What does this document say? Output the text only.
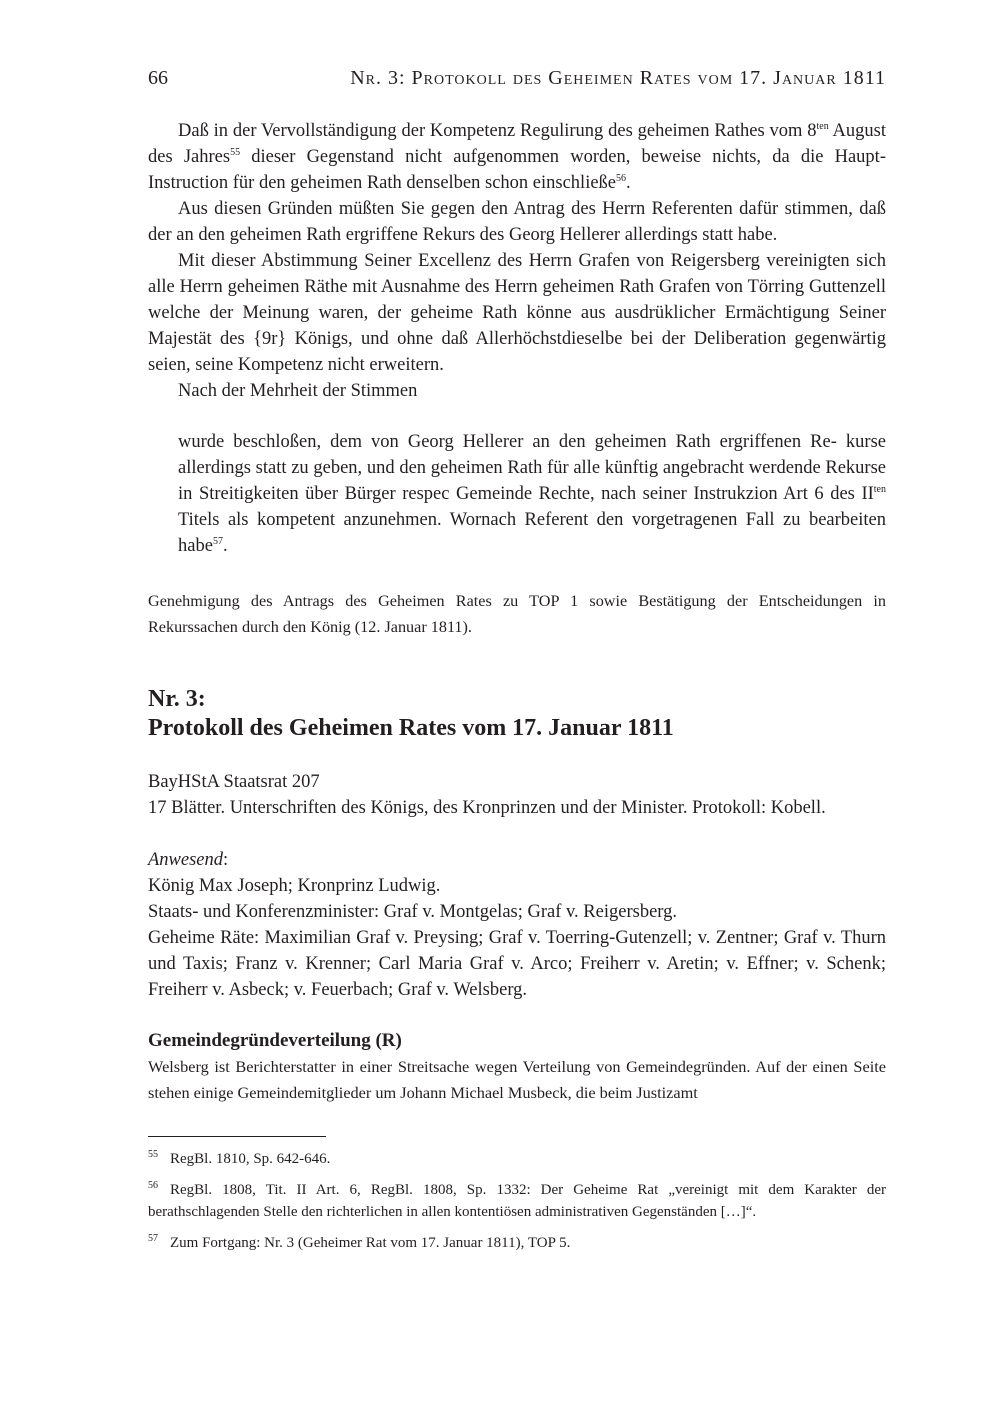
66	Nr. 3: Protokoll des Geheimen Rates vom 17. Januar 1811

Daß in der Vervollständigung der Kompetenz Regulirung des geheimen Rathes vom $8^{ten}$ August des Jahres$^{55}$ dieser Gegenstand nicht aufgenommen worden, beweise nichts, da die Haupt-Instruction für den geheimen Rath denselben schon einschließe$^{56}$.

Aus diesen Gründen müßten Sie gegen den Antrag des Herrn Referenten dafür stimmen, daß der an den geheimen Rath ergriffene Rekurs des Georg Hellerer allerdings statt habe.

Mit dieser Abstimmung Seiner Excellenz des Herrn Grafen von Reigersberg vereinigten sich alle Herrn geheimen Räthe mit Ausnahme des Herrn geheimen Rath Grafen von Törring Guttenzell welche der Meinung waren, der geheime Rath könne aus ausdrüklicher Ermächtigung Seiner Majestät des {9r} Königs, und ohne daß Allerhöchstdieselbe bei der Deliberation gegenwärtig seien, seine Kompetenz nicht erweitern.

Nach der Mehrheit der Stimmen

wurde beschloßen, dem von Georg Hellerer an den geheimen Rath ergriffenen Re- kurse allerdings statt zu geben, und den geheimen Rath für alle künftig angebracht werdende Rekurse in Streitigkeiten über Bürger respec Gemeinde Rechte, nach seiner Instrukzion Art 6 des $II^{ten}$ Titels als kompetent anzunehmen. Wornach Referent den vorgetragenen Fall zu bearbeiten habe$^{57}$.

Genehmigung des Antrags des Geheimen Rates zu TOP 1 sowie Bestätigung der Entscheidungen in Rekurssachen durch den König (12. Januar 1811).

Nr. 3:
Protokoll des Geheimen Rates vom 17. Januar 1811

BayHStA Staatsrat 207

17 Blätter. Unterschriften des Königs, des Kronprinzen und der Minister. Protokoll: Kobell.

Anwesend:

König Max Joseph; Kronprinz Ludwig.

Staats- und Konferenzminister: Graf v. Montgelas; Graf v. Reigersberg.

Geheime Räte: Maximilian Graf v. Preysing; Graf v. Toerring-Gutenzell; v. Zentner; Graf v. Thurn und Taxis; Franz v. Krenner; Carl Maria Graf v. Arco; Freiherr v. Aretin; v. Effner; v. Schenk; Freiherr v. Asbeck; v. Feuerbach; Graf v. Welsberg.

Gemeindegründeverteilung (R)

Welsberg ist Berichterstatter in einer Streitsache wegen Verteilung von Gemeindegründen. Auf der einen Seite stehen einige Gemeindemitglieder um Johann Michael Musbeck, die beim Justizamt

$^{55}$ RegBl. 1810, Sp. 642-646.

$^{56}$ RegBl. 1808, Tit. II Art. 6, RegBl. 1808, Sp. 1332: Der Geheime Rat „vereinigt mit dem Karakter der berathschlagenden Stelle den richterlichen in allen kontentiösen administrativen Gegenständen […]“.

$^{57}$ Zum Fortgang: Nr. 3 (Geheimer Rat vom 17. Januar 1811), TOP 5.
